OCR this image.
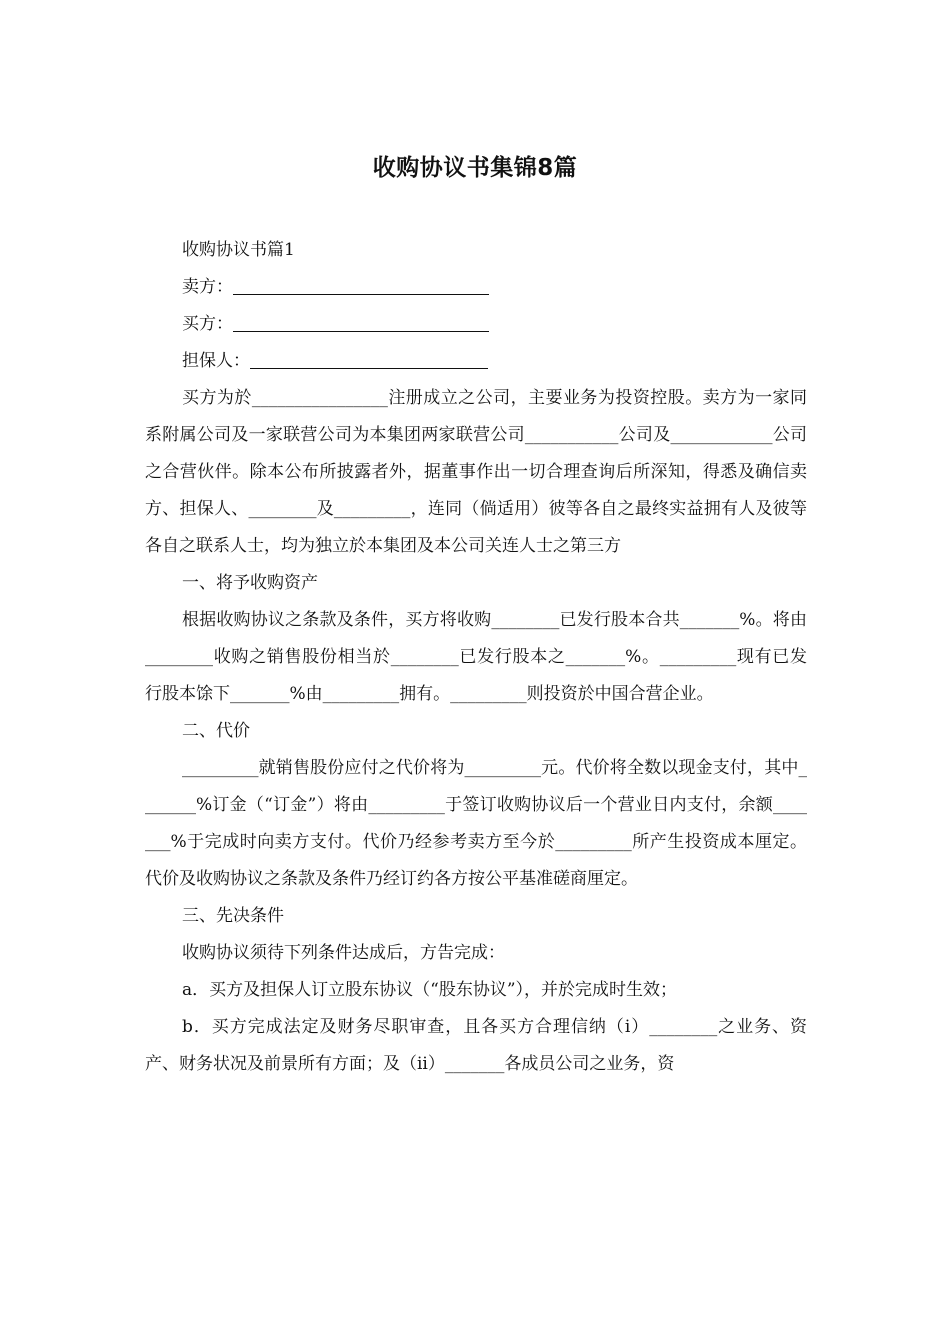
收购协议书集锦8篇

收购协议书篇1

卖方：

买方：

担保人：

买方为於________________注册成立之公司，主要业务为投资控股。卖方为一家同系附属公司及一家联营公司为本集团两家联营公司___________公司及____________公司之合营伙伴。除本公布所披露者外，据董事作出一切合理查询后所深知，得悉及确信卖方、担保人、________及_________，连同（倘适用）彼等各自之最终实益拥有人及彼等各自之联系人士，均为独立於本集团及本公司关连人士之第三方

一、将予收购资产

根据收购协议之条款及条件，买方将收购________已发行股本合共_______%。将由________收购之销售股份相当於________已发行股本之_______%。_________现有已发行股本馀下_______%由_________拥有。_________则投资於中国合营企业。

二、代价

_________就销售股份应付之代价将为_________元。代价将全数以现金支付，其中_______%订金（“订金”）将由_________于签订收购协议后一个营业日内支付，余额_______%于完成时向卖方支付。代价乃经参考卖方至今於_________所产生投资成本厘定。代价及收购协议之条款及条件乃经订约各方按公平基准磋商厘定。

三、先决条件

收购协议须待下列条件达成后，方告完成：

a．买方及担保人订立股东协议（“股东协议”），并於完成时生效；

b．买方完成法定及财务尽职审查，且各买方合理信纳（i）________之业务、资产、财务状况及前景所有方面；及（ii）_______各成员公司之业务，资
